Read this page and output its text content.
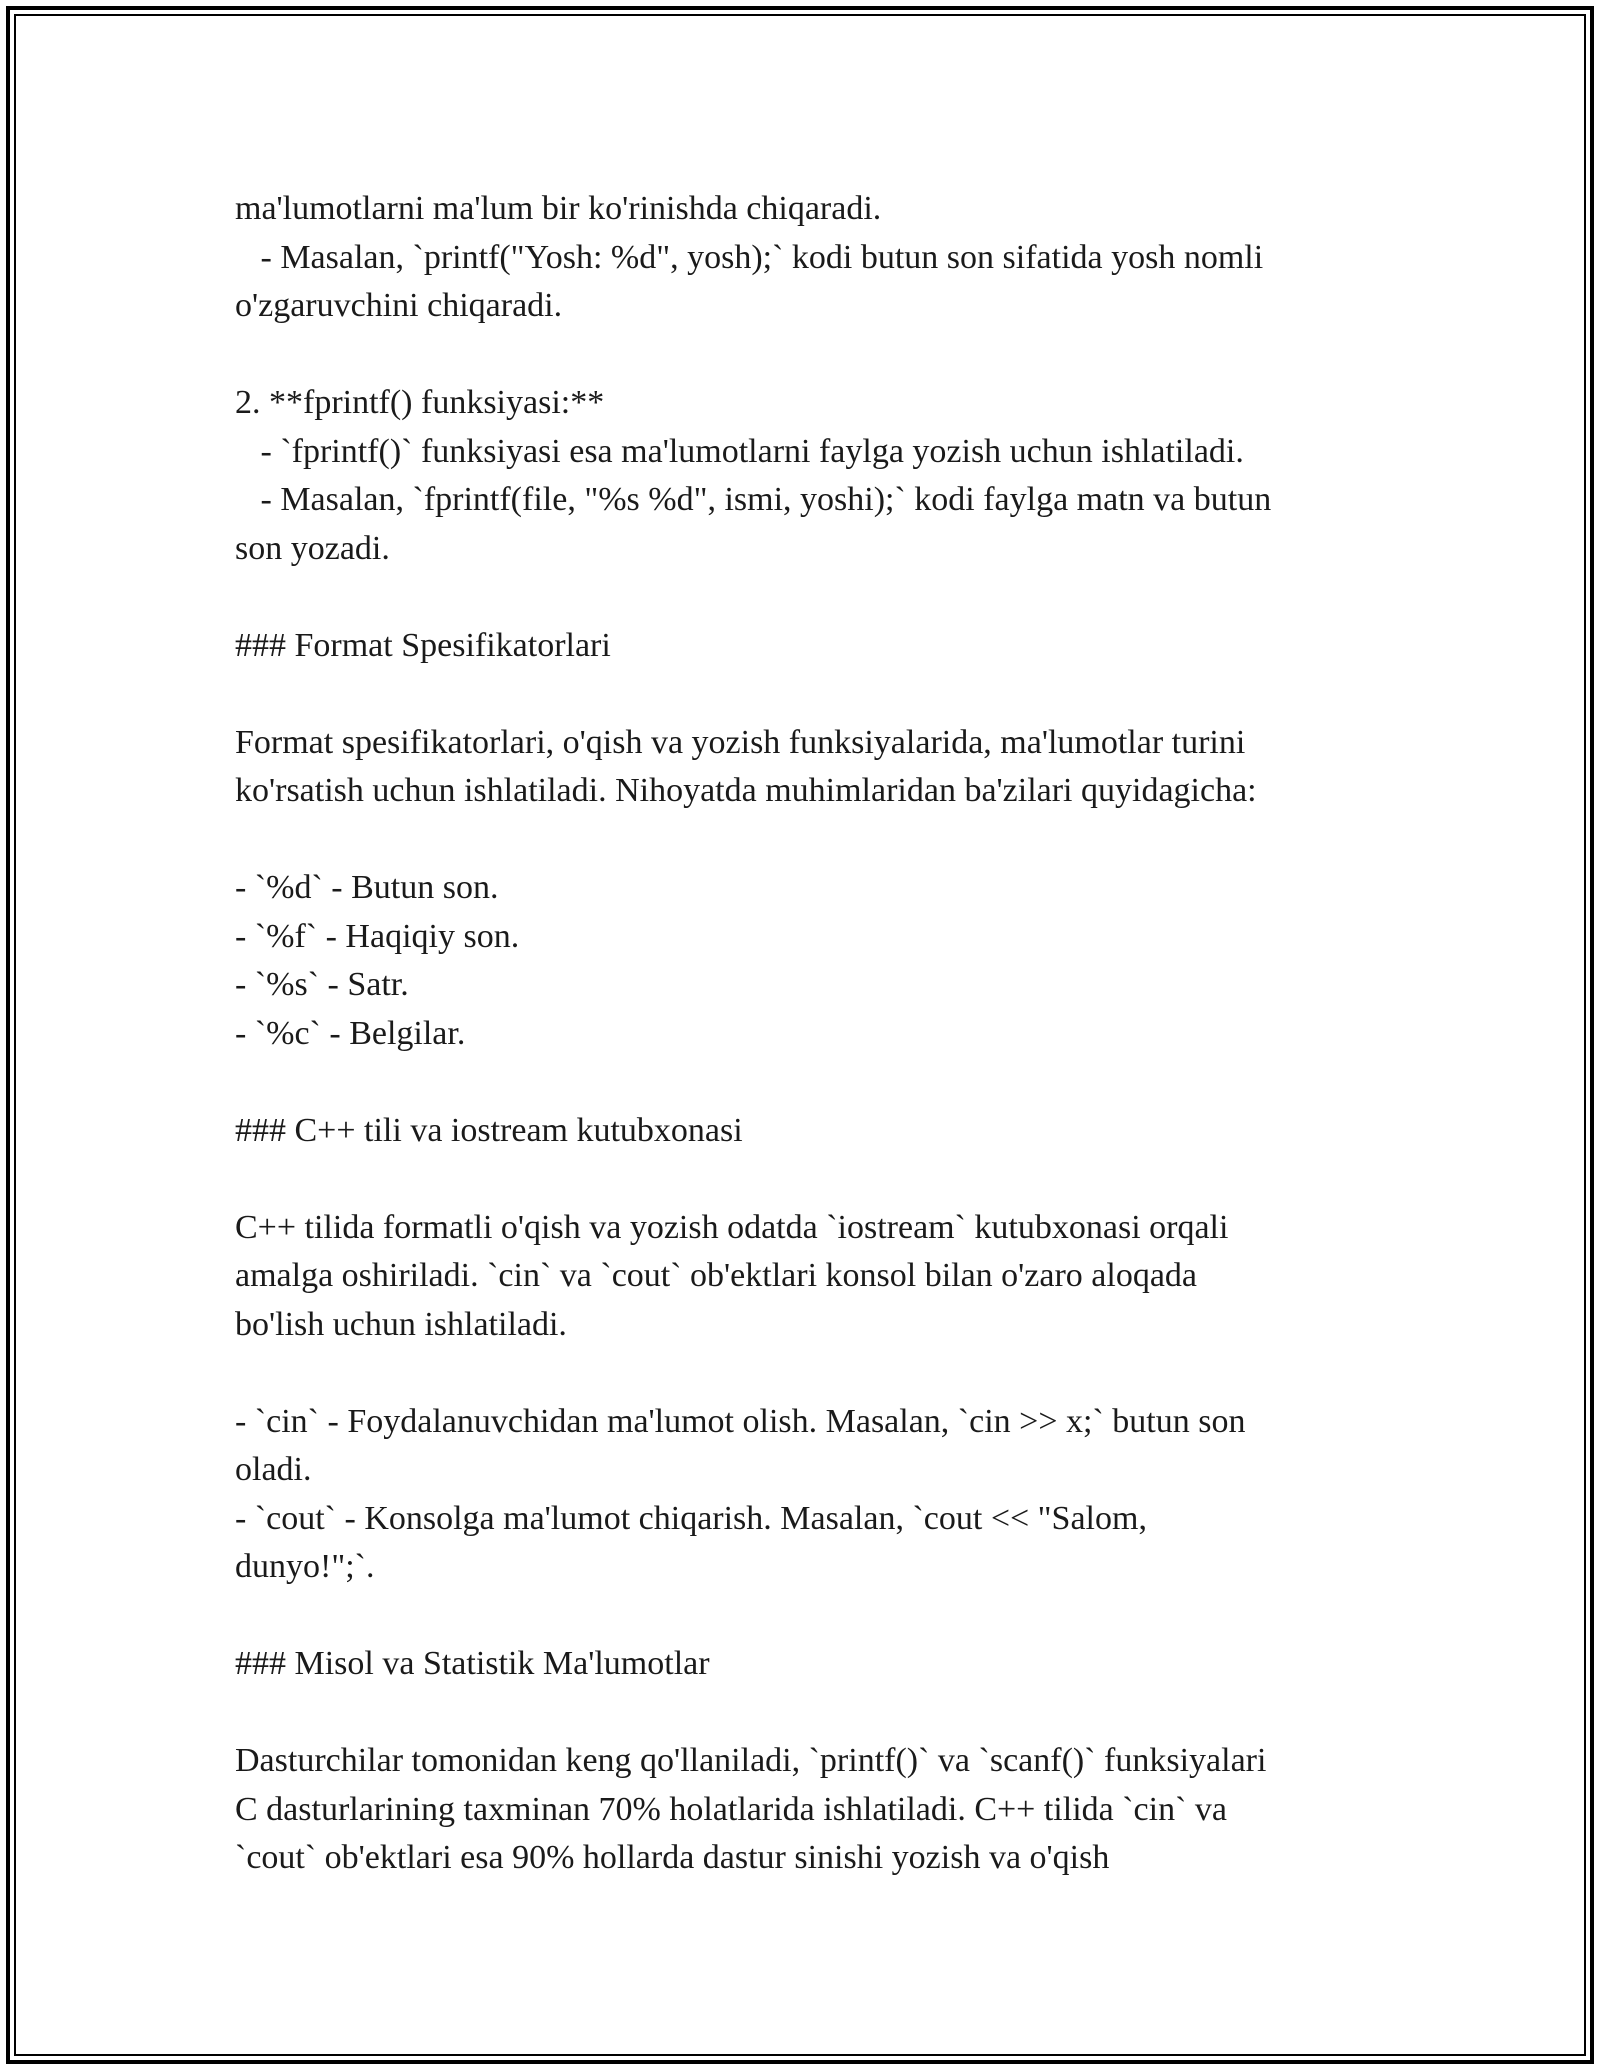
ma'lumotlarni ma'lum bir ko'rinishda chiqaradi.
- Masalan, `printf("Yosh: %d", yosh);` kodi butun son sifatida yosh nomli
o'zgaruvchini chiqaradi.
2. **fprintf() funksiyasi:**
- `fprintf()` funksiyasi esa ma'lumotlarni faylga yozish uchun ishlatiladi.
- Masalan, `fprintf(file, "%s %d", ismi, yoshi);` kodi faylga matn va butun
son yozadi.
### Format Spesifikatorlari
Format spesifikatorlari, o'qish va yozish funksiyalarida, ma'lumotlar turini
ko'rsatish uchun ishlatiladi. Nihoyatda muhimlaridan ba'zilari quyidagicha:
- `%d` - Butun son.
- `%f` - Haqiqiy son.
- `%s` - Satr.
- `%c` - Belgilar.
### C++ tili va iostream kutubxonasi
C++ tilida formatli o'qish va yozish odatda `iostream` kutubxonasi orqali
amalga oshiriladi. `cin` va `cout` ob'ektlari konsol bilan o'zaro aloqada
bo'lish uchun ishlatiladi.
- `cin` - Foydalanuvchidan ma'lumot olish. Masalan, `cin >> x;` butun son
oladi.
- `cout` - Konsolga ma'lumot chiqarish. Masalan, `cout << "Salom,
dunyo!";`.
### Misol va Statistik Ma'lumotlar
Dasturchilar tomonidan keng qo'llaniladi, `printf()` va `scanf()` funksiyalari
C dasturlarining taxminan 70% holatlarida ishlatiladi. C++ tilida `cin` va
`cout` ob'ektlari esa 90% hollarda dastur sinishi yozish va o'qish
